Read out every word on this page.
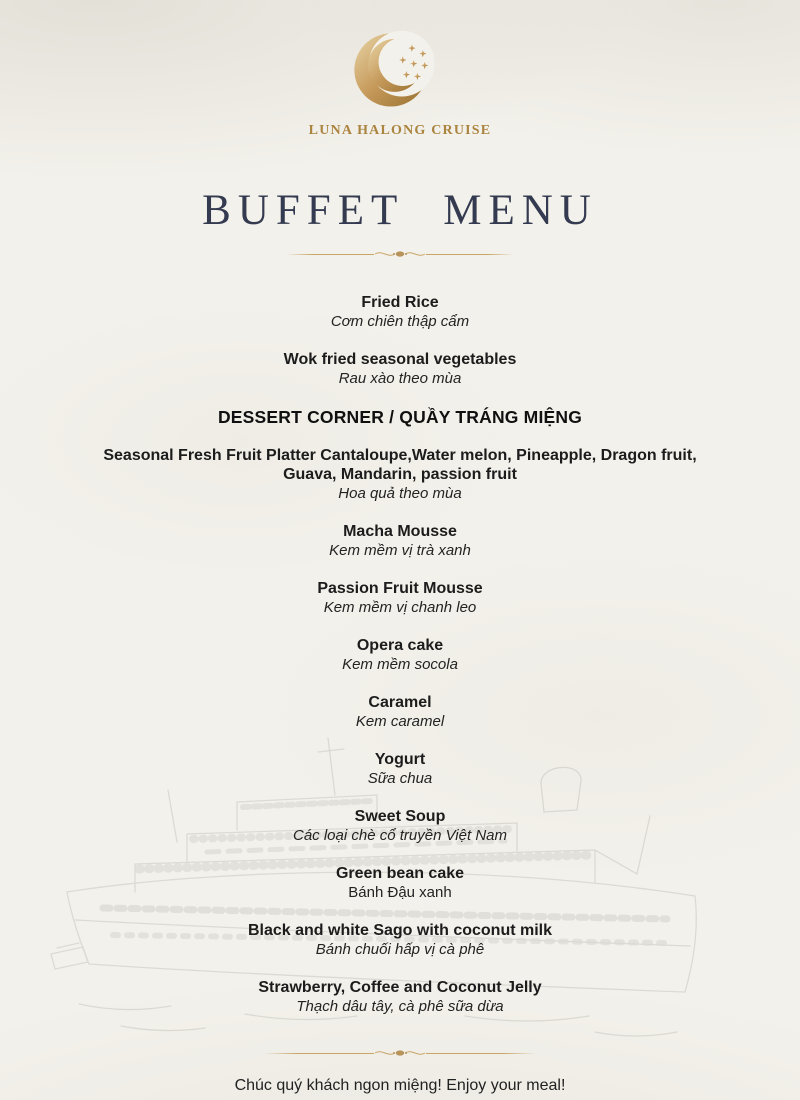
LUNA HALONG CRUISE
BUFFET MENU
Fried Rice
Cơm chiên thập cẩm
Wok fried seasonal vegetables
Rau xào theo mùa
DESSERT CORNER / QUẦY TRÁNG MIỆNG
Seasonal Fresh Fruit Platter Cantaloupe,Water melon, Pineapple, Dragon fruit, Guava, Mandarin, passion fruit
Hoa quả theo mùa
Macha Mousse
Kem mềm vị trà xanh
Passion Fruit Mousse
Kem mềm vị chanh leo
Opera cake
Kem mềm socola
Caramel
Kem caramel
Yogurt
Sữa chua
Sweet Soup
Các loại chè cổ truyền Việt Nam
Green bean cake
Bánh Đậu xanh
Black and white Sago with coconut milk
Bánh chuối hấp vị cà phê
Strawberry, Coffee and Coconut Jelly
Thạch dâu tây, cà phê sữa dừa
Chúc quý khách ngon miệng! Enjoy your meal!
